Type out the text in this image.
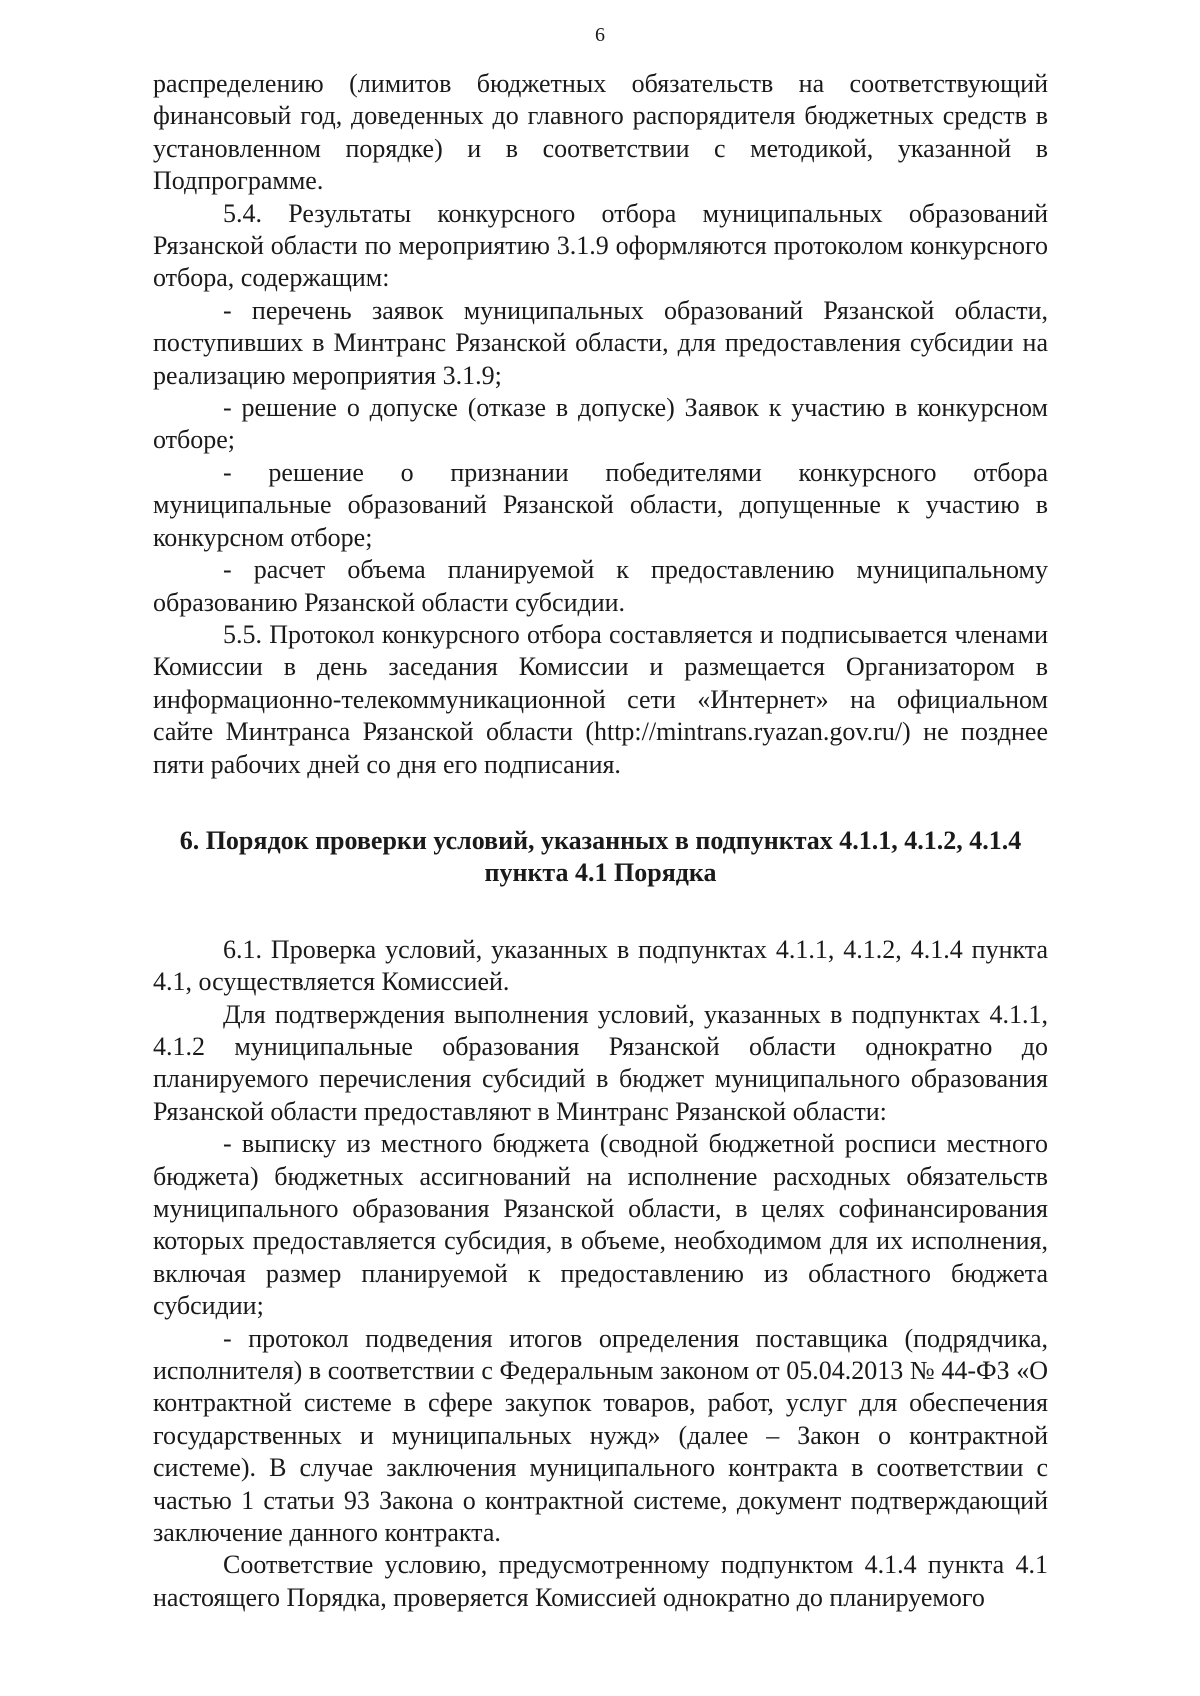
6

распределению (лимитов бюджетных обязательств на соответствующий финансовый год, доведенных до главного распорядителя бюджетных средств в установленном порядке) и в соответствии с методикой, указанной в Подпрограмме.

5.4. Результаты конкурсного отбора муниципальных образований Рязанской области по мероприятию 3.1.9 оформляются протоколом конкурсного отбора, содержащим:

- перечень заявок муниципальных образований Рязанской области, поступивших в Минтранс Рязанской области, для предоставления субсидии на реализацию мероприятия 3.1.9;

- решение о допуске (отказе в допуске) Заявок к участию в конкурсном отборе;

- решение о признании победителями конкурсного отбора муниципальные образований Рязанской области, допущенные к участию в конкурсном отборе;

- расчет объема планируемой к предоставлению муниципальному образованию Рязанской области субсидии.

5.5. Протокол конкурсного отбора составляется и подписывается членами Комиссии в день заседания Комиссии и размещается Организатором в информационно-телекоммуникационной сети «Интернет» на официальном сайте Минтранса Рязанской области (http://mintrans.ryazan.gov.ru/) не позднее пяти рабочих дней со дня его подписания.

6. Порядок проверки условий, указанных в подпунктах 4.1.1, 4.1.2, 4.1.4
пункта 4.1 Порядка

6.1. Проверка условий, указанных в подпунктах 4.1.1, 4.1.2, 4.1.4 пункта 4.1, осуществляется Комиссией.

Для подтверждения выполнения условий, указанных в подпунктах 4.1.1, 4.1.2 муниципальные образования Рязанской области однократно до планируемого перечисления субсидий в бюджет муниципального образования Рязанской области предоставляют в Минтранс Рязанской области:

- выписку из местного бюджета (сводной бюджетной росписи местного бюджета) бюджетных ассигнований на исполнение расходных обязательств муниципального образования Рязанской области, в целях софинансирования которых предоставляется субсидия, в объеме, необходимом для их исполнения, включая размер планируемой к предоставлению из областного бюджета субсидии;

- протокол подведения итогов определения поставщика (подрядчика, исполнителя) в соответствии с Федеральным законом от 05.04.2013 № 44-ФЗ «О контрактной системе в сфере закупок товаров, работ, услуг для обеспечения государственных и муниципальных нужд» (далее – Закон о контрактной системе). В случае заключения муниципального контракта в соответствии с частью 1 статьи 93 Закона о контрактной системе, документ подтверждающий заключение данного контракта.

Соответствие условию, предусмотренному подпунктом 4.1.4 пункта 4.1 настоящего Порядка, проверяется Комиссией однократно до планируемого
